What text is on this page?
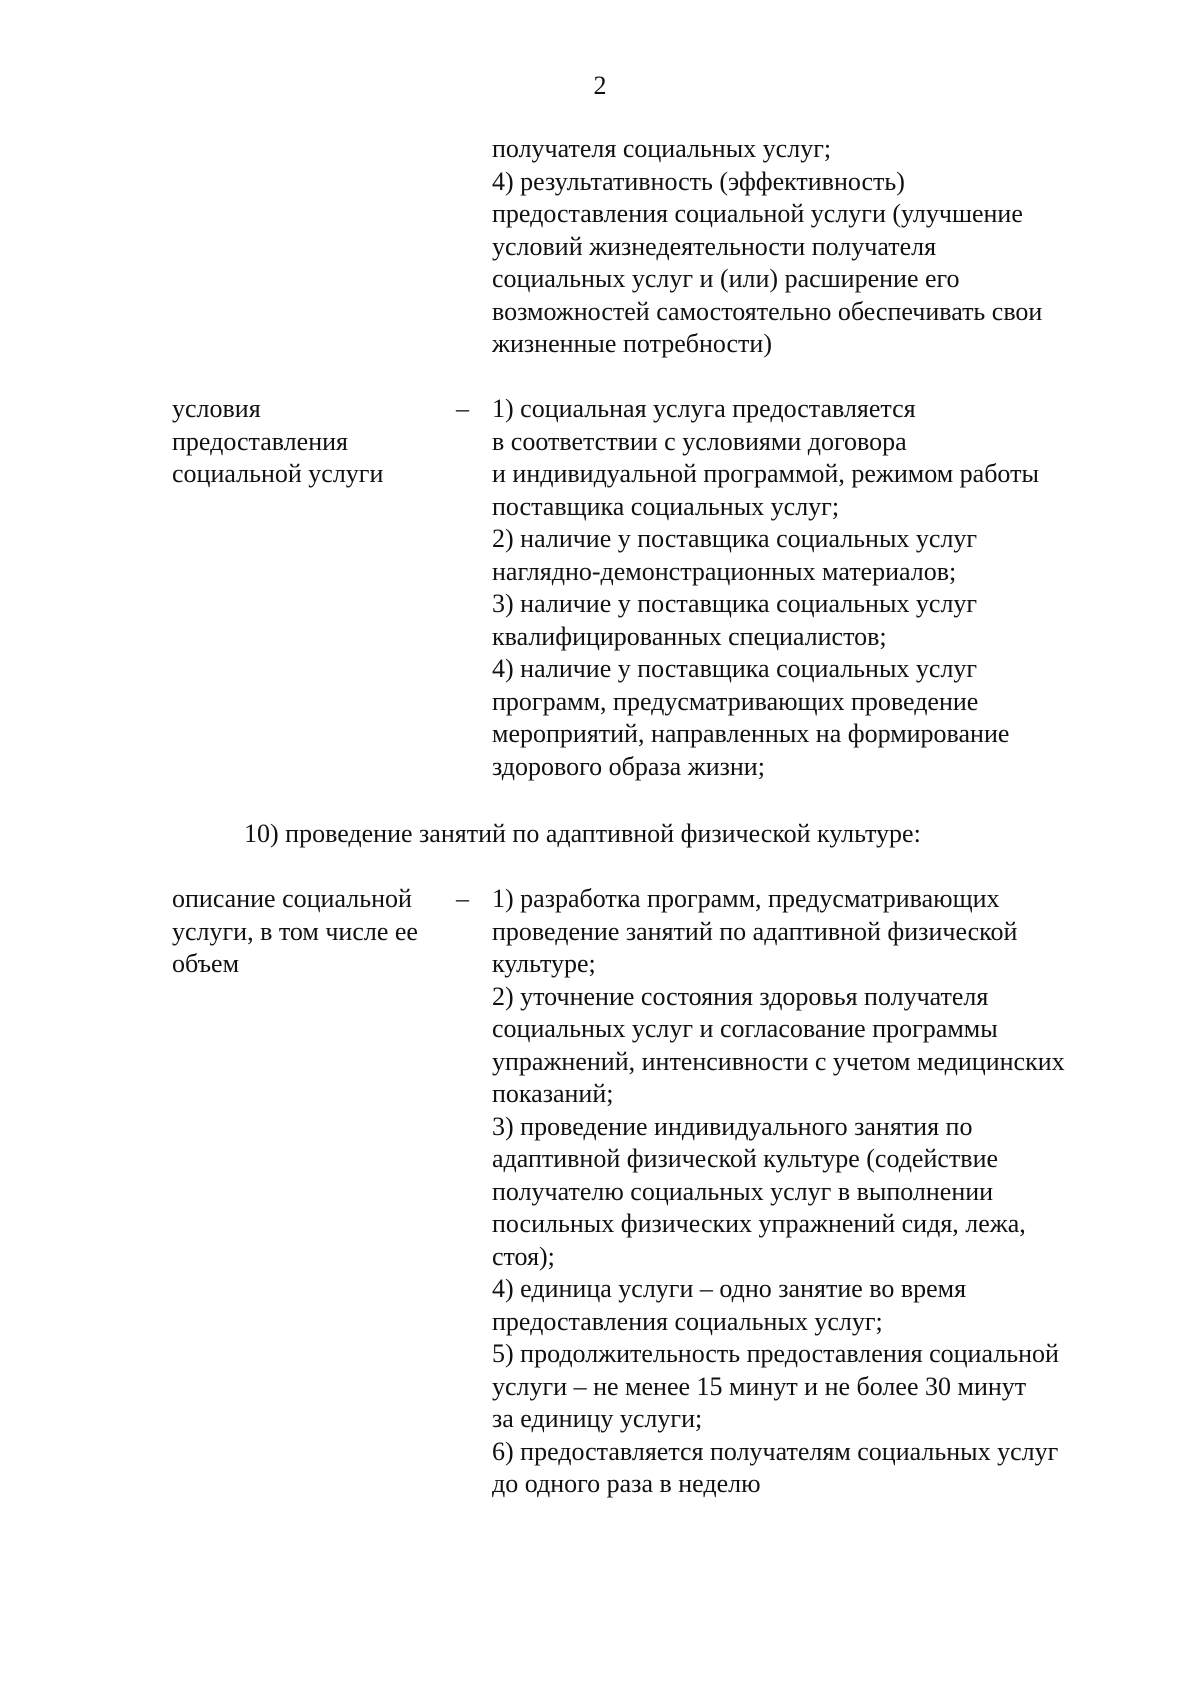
2
получателя социальных услуг;
4) результативность (эффективность)
предоставления социальной услуги (улучшение
условий жизнедеятельности получателя
социальных услуг и (или) расширение его
возможностей самостоятельно обеспечивать свои
жизненные потребности)
условия
предоставления
социальной услуги
– 1) социальная услуга предоставляется
в соответствии с условиями договора
и индивидуальной программой, режимом работы
поставщика социальных услуг;
2) наличие у поставщика социальных услуг
наглядно-демонстрационных материалов;
3) наличие у поставщика социальных услуг
квалифицированных специалистов;
4) наличие у поставщика социальных услуг
программ, предусматривающих проведение
мероприятий, направленных на формирование
здорового образа жизни;
10) проведение занятий по адаптивной физической культуре:
описание социальной
услуги, в том числе ее
объем
– 1) разработка программ, предусматривающих
проведение занятий по адаптивной физической
культуре;
2) уточнение состояния здоровья получателя
социальных услуг и согласование программы
упражнений, интенсивности с учетом медицинских
показаний;
3) проведение индивидуального занятия по
адаптивной физической культуре (содействие
получателю социальных услуг в выполнении
посильных физических упражнений сидя, лежа,
стоя);
4) единица услуги – одно занятие во время
предоставления социальных услуг;
5) продолжительность предоставления социальной
услуги – не менее 15 минут и не более 30 минут
за единицу услуги;
6) предоставляется получателям социальных услуг
до одного раза в неделю
